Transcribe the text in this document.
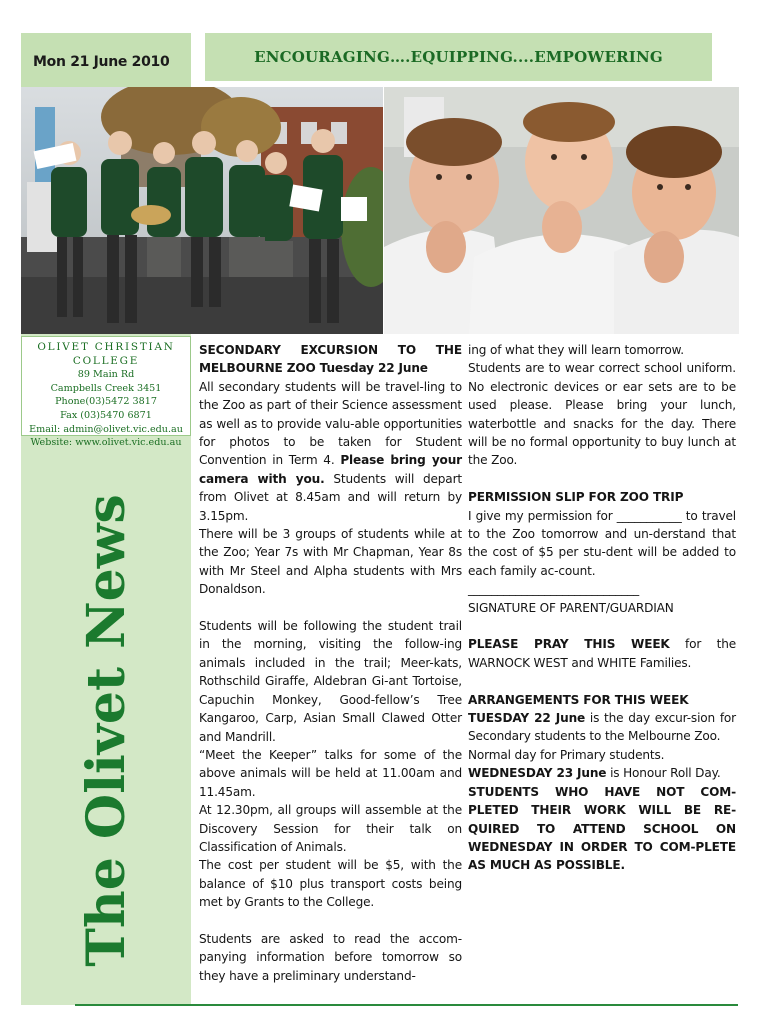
Mon 21 June 2010
OLIVET CHRISTIAN
COLLEGE
89 Main Rd
Campbells Creek 3451
Phone(03)5472 3817
Fax (03)5470 6871
Email: admin@olivet.vic.edu.au
Website: www.olivet.vic.edu.au
The Olivet News
ENCOURAGING….EQUIPPING....EMPOWERING
SECONDARY EXCURSION TO THE
MELBOURNE ZOO Tuesday 22 June

All secondary students will be travel-ling to the Zoo as part of their Science assessment as well as to provide valu-able opportunities for photos to be taken for Student Convention in Term 4. Please bring your camera with you. Students will depart from Olivet at 8.45am and will return by 3.15pm.

There will be 3 groups of students while at the Zoo; Year 7s with Mr Chapman, Year 8s with Mr Steel and Alpha students with Mrs Donaldson.

Students will be following the student trail in the morning, visiting the follow-ing animals included in the trail; Meer-kats, Rothschild Giraffe, Aldebran Gi-ant Tortoise, Capuchin Monkey, Good-fellow’s Tree Kangaroo, Carp, Asian Small Clawed Otter and Mandrill.

“Meet the Keeper” talks for some of the above animals will be held at 11.00am and 11.45am.

At 12.30pm, all groups will assemble at the Discovery Session for their talk on Classification of Animals.

The cost per student will be $5, with the balance of $10 plus transport costs being met by Grants to the College.

Students are asked to read the accom-panying information before tomorrow so they have a preliminary understand-

ing of what they will learn tomorrow.

Students are to wear correct school uniform. No electronic devices or ear sets are to be used please. Please bring your lunch, waterbottle and snacks for the day. There will be no formal opportunity to buy lunch at the Zoo.

PERMISSION SLIP FOR ZOO TRIP

I give my permission for ___________ to travel to the Zoo tomorrow and un-derstand that the cost of $5 per stu-dent will be added to each family ac-count.

_____________________________

SIGNATURE OF PARENT/GUARDIAN

PLEASE PRAY THIS WEEK for the WARNOCK WEST and WHITE Families.

ARRANGEMENTS FOR THIS WEEK

TUESDAY 22 June is the day excur-sion for Secondary students to the Melbourne Zoo.

Normal day for Primary students.

WEDNESDAY 23 June is Honour Roll Day.

STUDENTS WHO HAVE NOT COM-PLETED THEIR WORK WILL BE RE-QUIRED TO ATTEND SCHOOL ON WEDNESDAY IN ORDER TO COM-PLETE AS MUCH AS POSSIBLE.
